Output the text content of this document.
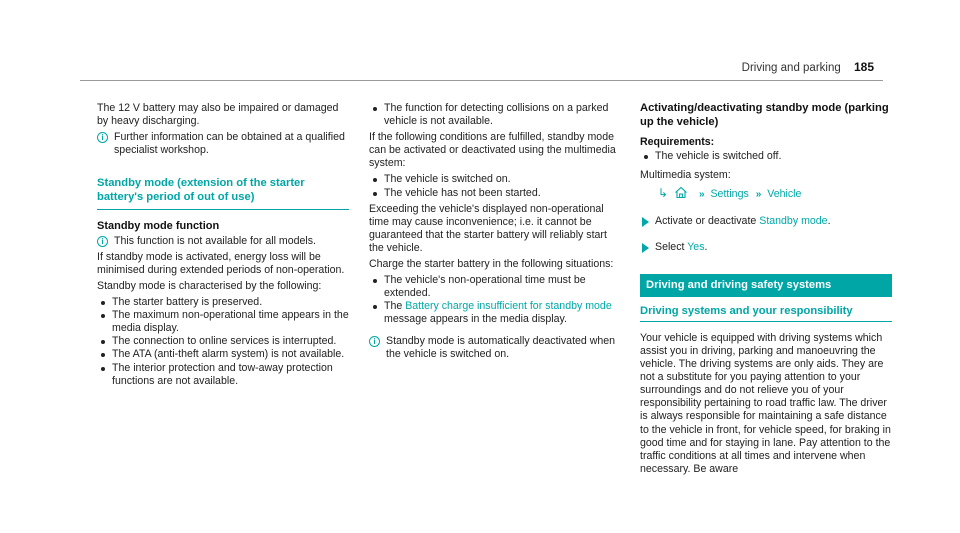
Driving and parking 185

The 12 V battery may also be impaired or damaged by heavy discharging.

i Further information can be obtained at a qualified specialist workshop.
Standby mode (extension of the starter battery's period of out of use)
Standby mode function
i This function is not available for all models.

If standby mode is activated, energy loss will be minimised during extended periods of non-operation.

Standby mode is characterised by the following:

The starter battery is preserved.
The maximum non-operational time appears in the media display.
The connection to online services is interrupted.
The ATA (anti-theft alarm system) is not available.
The interior protection and tow-away protection functions are not available.
The function for detecting collisions on a parked vehicle is not available.

If the following conditions are fulfilled, standby mode can be activated or deactivated using the multimedia system:

The vehicle is switched on.
The vehicle has not been started.

Exceeding the vehicle's displayed non-operational time may cause inconvenience; i.e. it cannot be guaranteed that the starter battery will reliably start the vehicle.

Charge the starter battery in the following situations:

The vehicle's non-operational time must be extended.
The Battery charge insufficient for standby mode message appears in the media display.
i Standby mode is automatically deactivated when the vehicle is switched on.
Activating/deactivating standby mode (parking up the vehicle)
Requirements:
The vehicle is switched off.

Multimedia system:

↳	» Settings » Vehicle
Activate or deactivate Standby mode.
Select Yes.
Driving and driving safety systems
Driving systems and your responsibility

Your vehicle is equipped with driving systems which assist you in driving, parking and manoeuvring the vehicle. The driving systems are only aids. They are not a substitute for you paying attention to your surroundings and do not relieve you of your responsibility pertaining to road traffic law. The driver is always responsible for maintaining a safe distance to the vehicle in front, for vehicle speed, for braking in good time and for staying in lane. Pay attention to the traffic conditions at all times and intervene when necessary. Be aware
